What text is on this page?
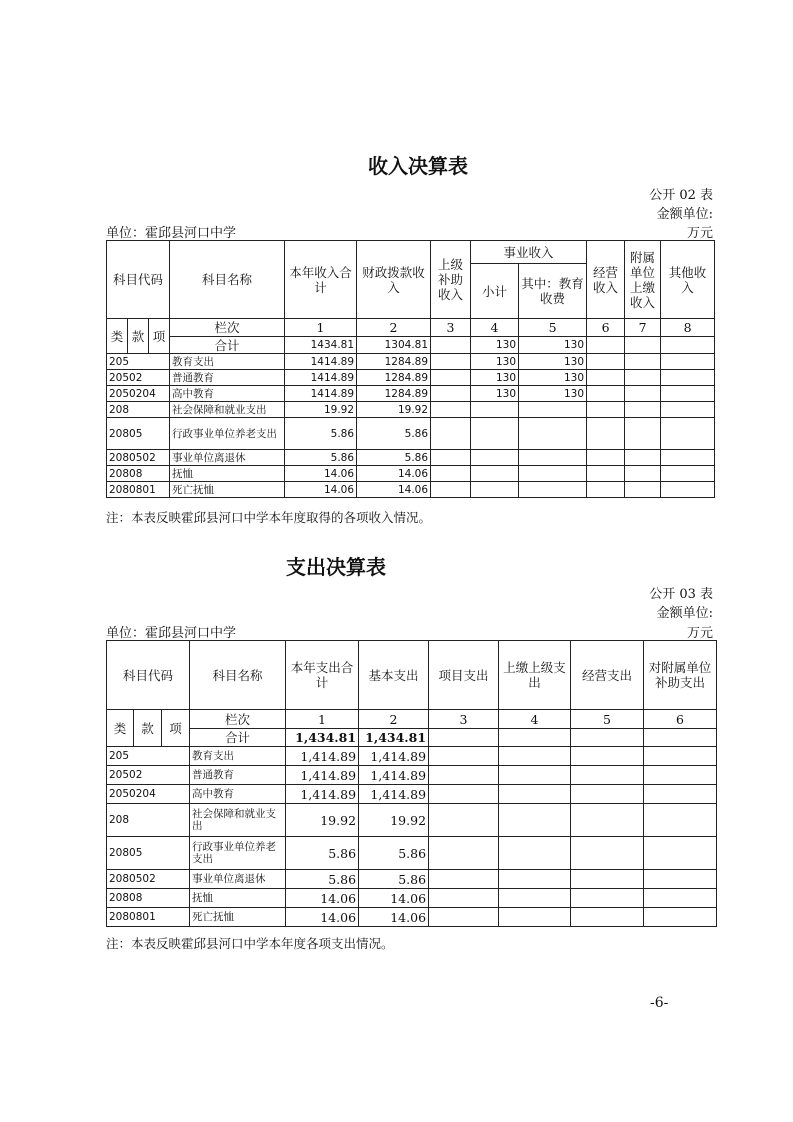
收入决算表
公开 02 表
金额单位:
万元
单位：霍邱县河口中学
科目代码			科目名称	本年收入合计	财政拨款收入	上级补助收入	事业收入		经营收入	附属单位上缴收入	其他收入
							小计	其中：教育收费			
类	款	项	栏次	1	2	3	4	5	6	7	8
			合计	1434.81	1304.81		130	130			
205			教育支出	1414.89	1284.89		130	130			
20502			普通教育	1414.89	1284.89		130	130			
2050204			高中教育	1414.89	1284.89		130	130			
208			社会保障和就业支出	19.92	19.92						
20805			行政事业单位养老支出	5.86	5.86						
2080502			事业单位离退休	5.86	5.86						
20808			抚恤	14.06	14.06						
2080801			死亡抚恤	14.06	14.06						
注：本表反映霍邱县河口中学本年度取得的各项收入情况。
支出决算表
公开 03 表
金额单位:
万元
单位：霍邱县河口中学
科目代码			科目名称	本年支出合计	基本支出	项目支出	上缴上级支出	经营支出	对附属单位补助支出
类	款	项	栏次	1	2	3	4	5	6
			合计	1,434.81	1,434.81				
205			教育支出	1,414.89	1,414.89				
20502			普通教育	1,414.89	1,414.89				
2050204			高中教育	1,414.89	1,414.89				
208			社会保障和就业支出	19.92	19.92				
20805			行政事业单位养老支出	5.86	5.86				
2080502			事业单位离退休	5.86	5.86				
20808			抚恤	14.06	14.06				
2080801			死亡抚恤	14.06	14.06				
注：本表反映霍邱县河口中学本年度各项支出情况。
-6-
